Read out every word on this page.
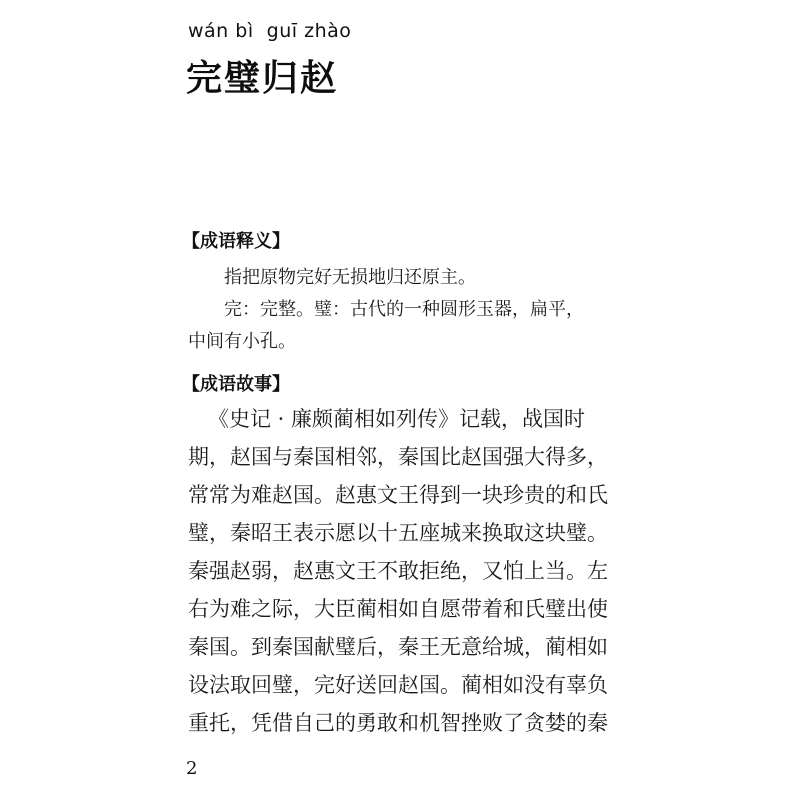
wán bì  guī zhào
完璧归赵
【成语释义】

指把原物完好无损地归还原主。

完：完整。璧：古代的一种圆形玉器，扁平，

中间有小孔。

【成语故事】

《史记 · 廉颇蔺相如列传》记载，战国时

期，赵国与秦国相邻，秦国比赵国强大得多，

常常为难赵国。赵惠文王得到一块珍贵的和氏

璧，秦昭王表示愿以十五座城来换取这块璧。

秦强赵弱，赵惠文王不敢拒绝，又怕上当。左

右为难之际，大臣蔺相如自愿带着和氏璧出使

秦国。到秦国献璧后，秦王无意给城，蔺相如

设法取回璧，完好送回赵国。蔺相如没有辜负

重托，凭借自己的勇敢和机智挫败了贪婪的秦

2
